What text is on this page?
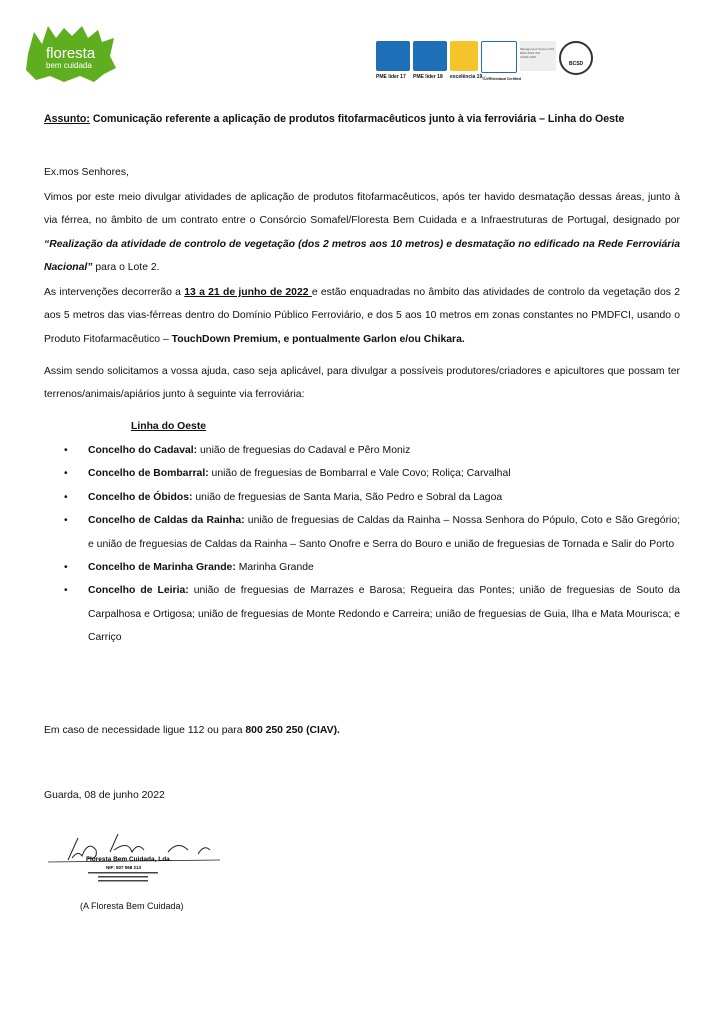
floresta
bem cuidada
PME líder 17 PME líder 18 excelência 19 TÜVRheinland Certified
Management System ISO 9001:2015 ISO 14001:2015
BCSD
Assunto: Comunicação referente a aplicação de produtos fitofarmacêuticos junto à via ferroviária – Linha do Oeste
Ex.mos Senhores,
Vimos por este meio divulgar atividades de aplicação de produtos fitofarmacêuticos, após ter havido desmatação dessas áreas, junto à via férrea, no âmbito de um contrato entre o Consórcio Somafel/Floresta Bem Cuidada e a Infraestruturas de Portugal, designado por “Realização da atividade de controlo de vegetação (dos 2 metros aos 10 metros) e desmatação no edificado na Rede Ferroviária Nacional” para o Lote 2.
As intervenções decorrerão a 13 a 21 de junho de 2022 e estão enquadradas no âmbito das atividades de controlo da vegetação dos 2 aos 5 metros das vias-férreas dentro do Domínio Público Ferroviário, e dos 5 aos 10 metros em zonas constantes no PMDFCI, usando o Produto Fitofarmacêutico – TouchDown Premium, e pontualmente Garlon e/ou Chikara.
Assim sendo solicitamos a vossa ajuda, caso seja aplicável, para divulgar a possíveis produtores/criadores e apicultores que possam ter terrenos/animais/apiários junto à seguinte via ferroviária:
Linha do Oeste
• Concelho do Cadaval: união de freguesias do Cadaval e Pêro Moniz
• Concelho de Bombarral: união de freguesias de Bombarral e Vale Covo; Roliça; Carvalhal
• Concelho de Óbidos: união de freguesias de Santa Maria, São Pedro e Sobral da Lagoa
• Concelho de Caldas da Rainha: união de freguesias de Caldas da Rainha – Nossa Senhora do Pópulo, Coto e São Gregório; e união de freguesias de Caldas da Rainha – Santo Onofre e Serra do Bouro e união de freguesias de Tornada e Salir do Porto
• Concelho de Marinha Grande: Marinha Grande
• Concelho de Leiria: união de freguesias de Marrazes e Barosa; Regueira das Pontes; união de freguesias de Souto da Carpalhosa e Ortigosa; união de freguesias de Monte Redondo e Carreira; união de freguesias de Guia, Ilha e Mata Mourisca; e Carriço
Em caso de necessidade ligue 112 ou para 800 250 250 (CIAV).
Guarda, 08 de junho 2022
Floresta Bem Cuidada, Lda.
NIF: 507 068 213
(A Floresta Bem Cuidada)
